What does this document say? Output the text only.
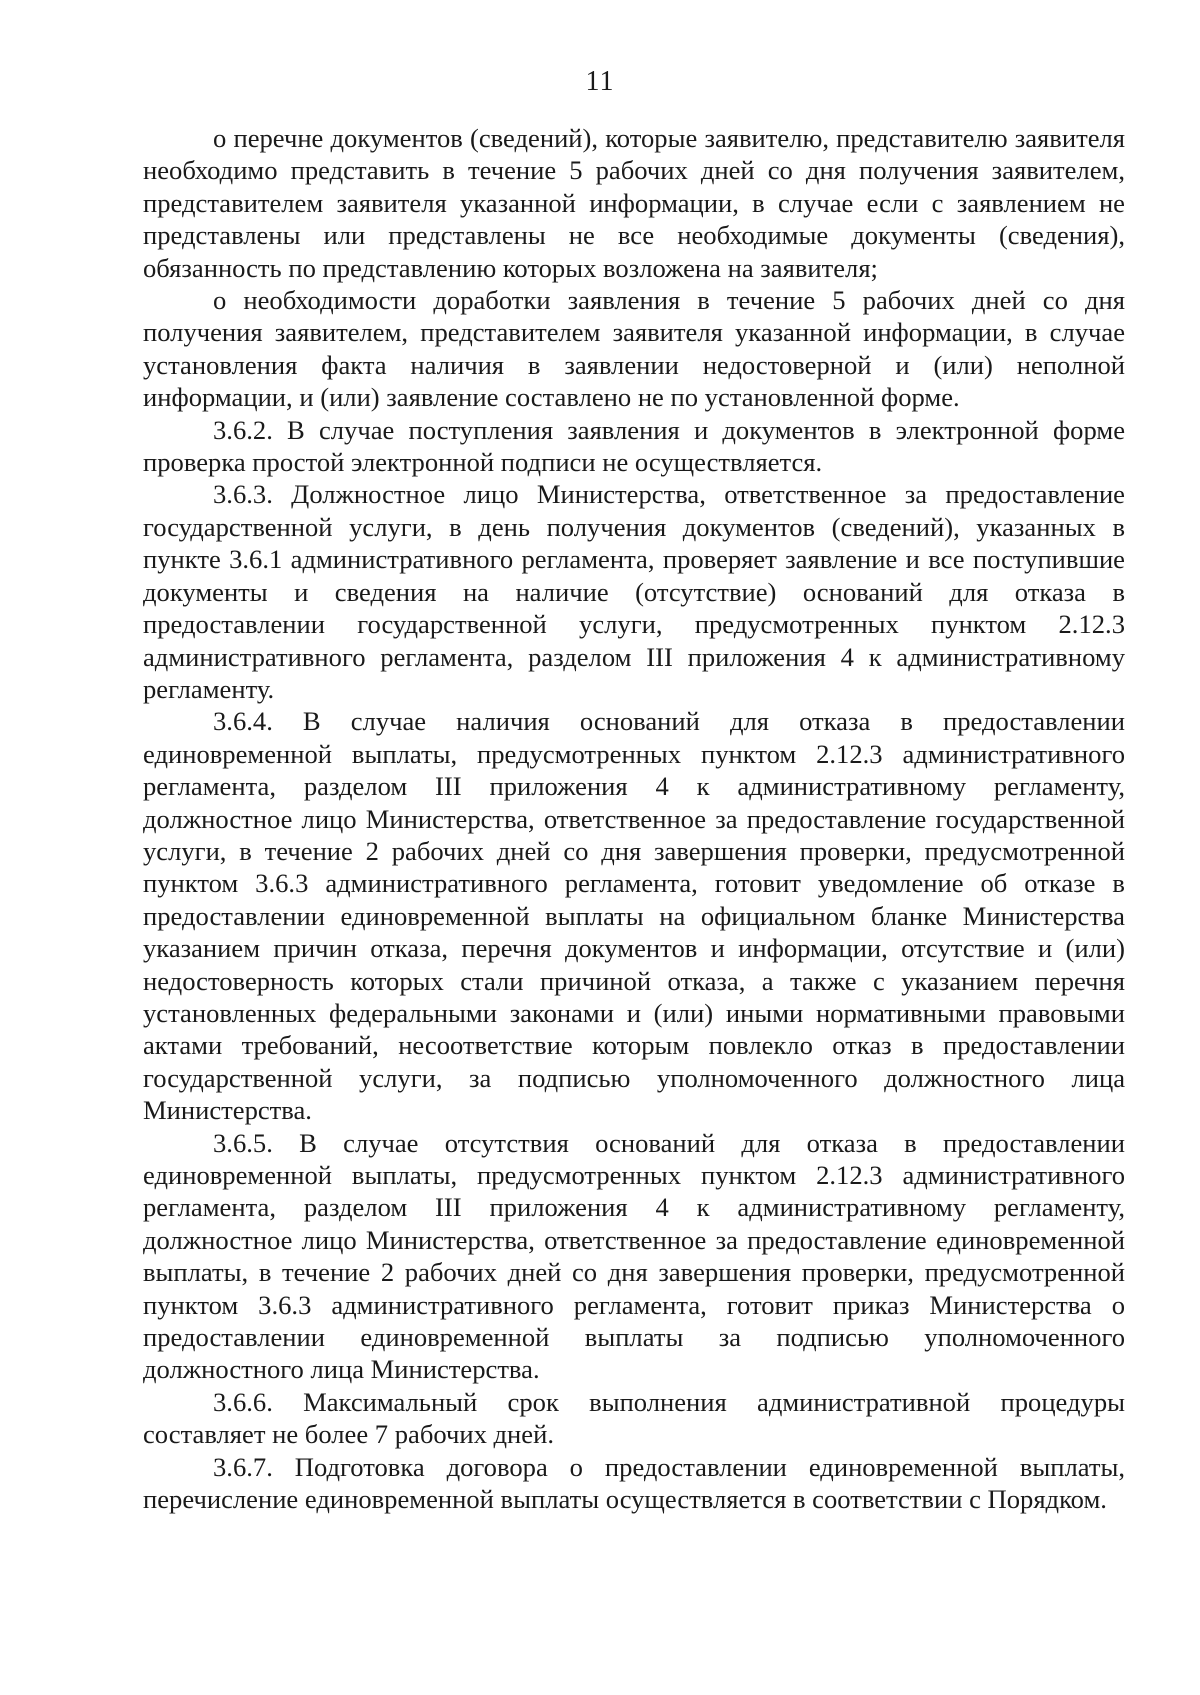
11

о перечне документов (сведений), которые заявителю, представителю заявителя необходимо представить в течение 5 рабочих дней со дня получения заявителем, представителем заявителя указанной информации, в случае если с заявлением не представлены или представлены не все необходимые документы (сведения), обязанность по представлению которых возложена на заявителя;

о необходимости доработки заявления в течение 5 рабочих дней со дня получения заявителем, представителем заявителя указанной информации, в случае установления факта наличия в заявлении недостоверной и (или) неполной информации, и (или) заявление составлено не по установленной форме.

3.6.2. В случае поступления заявления и документов в электронной форме проверка простой электронной подписи не осуществляется.

3.6.3. Должностное лицо Министерства, ответственное за предоставление государственной услуги, в день получения документов (сведений), указанных в пункте 3.6.1 административного регламента, проверяет заявление и все поступившие документы и сведения на наличие (отсутствие) оснований для отказа в предоставлении государственной услуги, предусмотренных пунктом 2.12.3 административного регламента, разделом III приложения 4 к административному регламенту.

3.6.4. В случае наличия оснований для отказа в предоставлении единовременной выплаты, предусмотренных пунктом 2.12.3 административного регламента, разделом III приложения 4 к административному регламенту, должностное лицо Министерства, ответственное за предоставление государственной услуги, в течение 2 рабочих дней со дня завершения проверки, предусмотренной пунктом 3.6.3 административного регламента, готовит уведомление об отказе в предоставлении единовременной выплаты на официальном бланке Министерства указанием причин отказа, перечня документов и информации, отсутствие и (или) недостоверность которых стали причиной отказа, а также с указанием перечня установленных федеральными законами и (или) иными нормативными правовыми актами требований, несоответствие которым повлекло отказ в предоставлении государственной услуги, за подписью уполномоченного должностного лица Министерства.

3.6.5. В случае отсутствия оснований для отказа в предоставлении единовременной выплаты, предусмотренных пунктом 2.12.3 административного регламента, разделом III приложения 4 к административному регламенту, должностное лицо Министерства, ответственное за предоставление единовременной выплаты, в течение 2 рабочих дней со дня завершения проверки, предусмотренной пунктом 3.6.3 административного регламента, готовит приказ Министерства о предоставлении единовременной выплаты за подписью уполномоченного должностного лица Министерства.

3.6.6. Максимальный срок выполнения административной процедуры составляет не более 7 рабочих дней.

3.6.7. Подготовка договора о предоставлении единовременной выплаты, перечисление единовременной выплаты осуществляется в соответствии с Порядком.
